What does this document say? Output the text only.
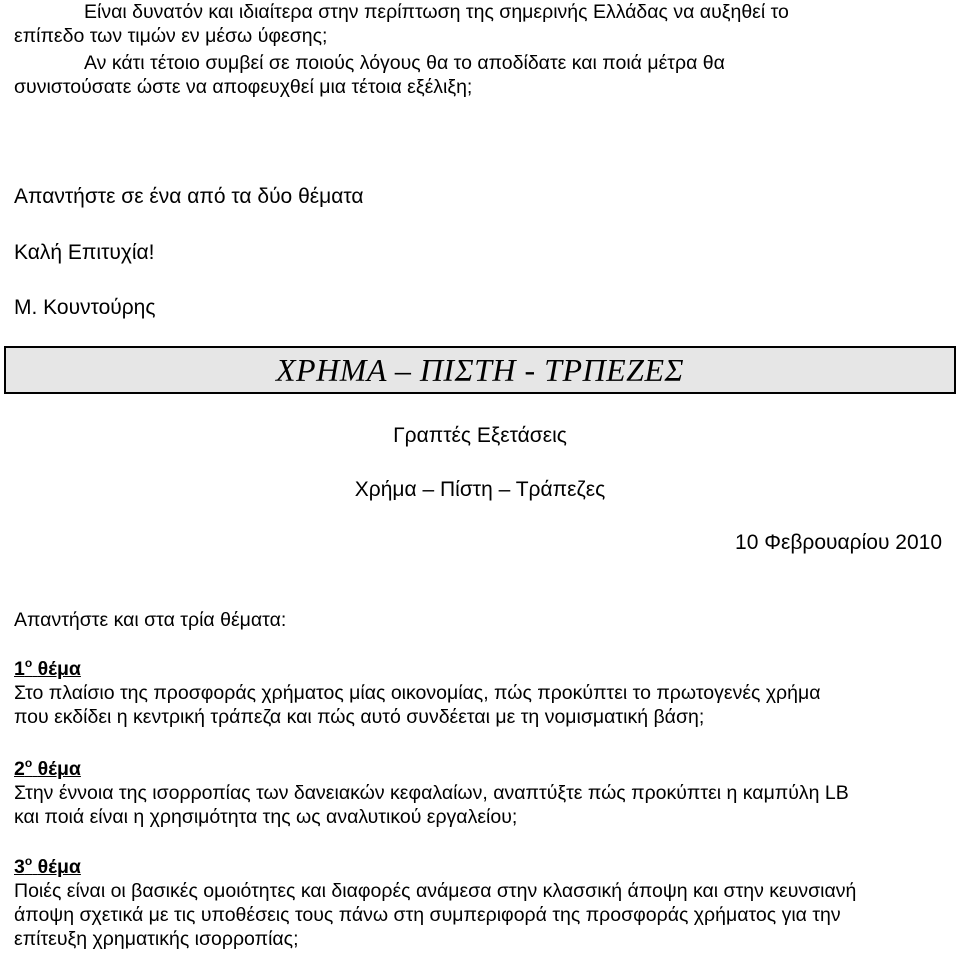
Είναι δυνατόν και ιδιαίτερα στην περίπτωση της σημερινής Ελλάδας να αυξηθεί το
επίπεδο των τιμών εν μέσω ύφεσης;
Αν κάτι τέτοιο συμβεί σε ποιούς λόγους θα το αποδίδατε και ποιά μέτρα θα
συνιστούσατε ώστε να αποφευχθεί μια τέτοια εξέλιξη;
Απαντήστε σε ένα από τα δύο θέματα
Καλή Επιτυχία!
Μ. Κουντούρης
ΧΡΗΜΑ – ΠΙΣΤΗ - ΤΡΠΕΖΕΣ
Γραπτές Εξετάσεις
Χρήμα – Πίστη – Τράπεζες
10 Φεβρουαρίου 2010
Απαντήστε και στα τρία θέματα:
$1^o$ θέμα
Στο πλαίσιο της προσφοράς χρήματος μίας οικονομίας, πώς προκύπτει το πρωτογενές χρήμα
που εκδίδει η κεντρική τράπεζα και πώς αυτό συνδέεται με τη νομισματική βάση;
$2^o$ θέμα
Στην έννοια της ισορροπίας των δανειακών κεφαλαίων, αναπτύξτε πώς προκύπτει η καμπύλη LB
και ποιά είναι η χρησιμότητα της ως αναλυτικού εργαλείου;
$3^o$ θέμα
Ποιές είναι οι βασικές ομοιότητες και διαφορές ανάμεσα στην κλασσική άποψη και στην κευνσιανή
άποψη σχετικά με τις υποθέσεις τους πάνω στη συμπεριφορά της προσφοράς χρήματος για την
επίτευξη χρηματικής ισορροπίας;
